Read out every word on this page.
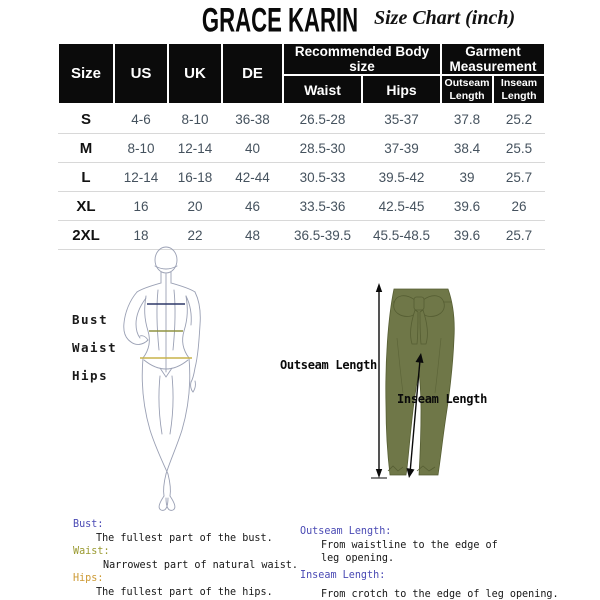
GRACE KARIN Size Chart (inch)
Size	US	UK	DE	Recommended Body size		Garment Measurement	
				Waist	Hips	Outseam Length	Inseam Length
S	4-6	8-10	36-38	26.5-28	35-37	37.8	25.2
M	8-10	12-14	40	28.5-30	37-39	38.4	25.5
L	12-14	16-18	42-44	30.5-33	39.5-42	39	25.7
XL	16	20	46	33.5-36	42.5-45	39.6	26
2XL	18	22	48	36.5-39.5	45.5-48.5	39.6	25.7
Bust
Waist
Hips
Outseam Length
Inseam Length
Bust:
The fullest part of the bust.
Waist:
Narrowest part of natural waist.
Hips:
The fullest part of the hips.
Outseam Length:
From waistline to the edge of
leg opening.
Inseam Length:
From crotch to the edge of leg opening.
